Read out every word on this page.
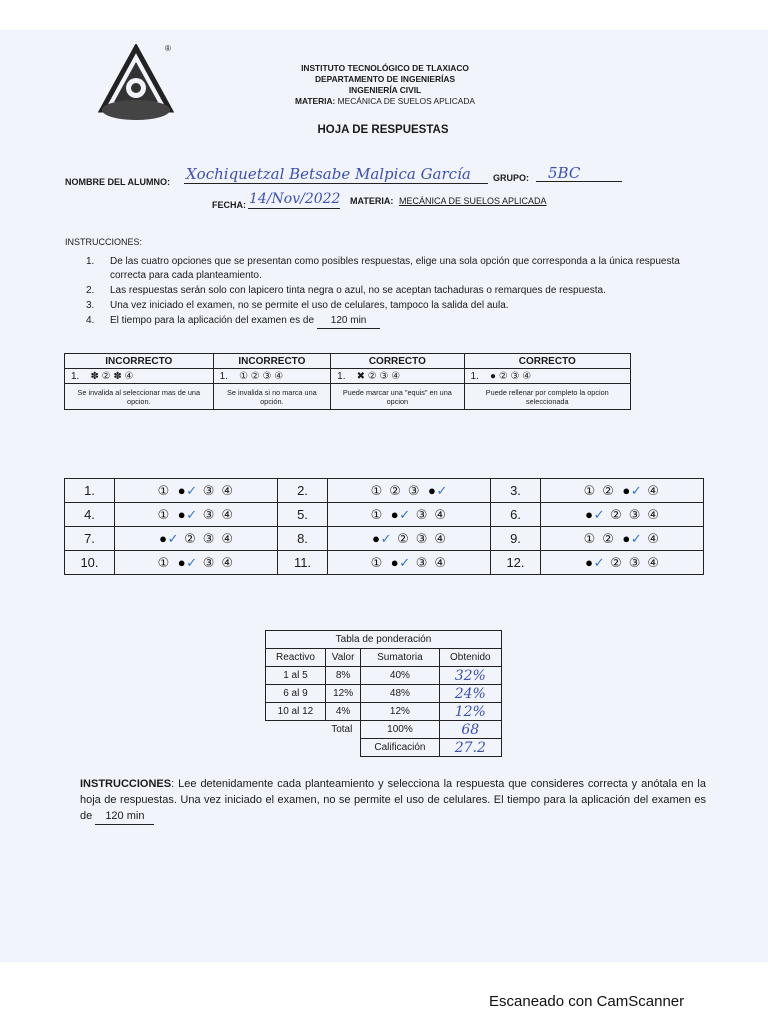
®
INSTITUTO TECNOLÓGICO DE TLAXIACO
DEPARTAMENTO DE INGENIERÍAS
INGENIERÍA CIVIL
MATERIA: MECÁNICA DE SUELOS APLICADA
HOJA DE RESPUESTAS
NOMBRE DEL ALUMNO: Xochiquetzal Betsabe Malpica García GRUPO: 5BC
FECHA: 14/Nov/2022 MATERIA: MECÁNICA DE SUELOS APLICADA
INSTRUCCIONES:
1.	De las cuatro opciones que se presentan como posibles respuestas, elige una sola opción que corresponda a la única respuesta correcta para cada planteamiento.
2.	Las respuestas serán solo con lapicero tinta negra o azul, no se aceptan tachaduras o remarques de respuesta.
3.	Una vez iniciado el examen, no se permite el uso de celulares, tampoco la salida del aula.
4.	El tiempo para la aplicación del examen es de 120 min
INCORRECTO	INCORRECTO	CORRECTO	CORRECTO
1. ✽ ② ✽ ④	1. ① ② ③ ④	1. ✖ ② ③ ④	1. ● ② ③ ④
Se invalida al seleccionar mas de una opcion.	Se invalida si no marca una opción.	Puede marcar una "equis" en una opcion	Puede rellenar por completo la opcion seleccionada
1.	① ● ✓ ③ ④	2.	① ② ③ ● ✓	3.	① ② ● ✓ ④
4.	① ● ✓ ③ ④	5.	① ● ✓ ③ ④	6.	●✓ ② ③ ④
7.	●✓ ② ③ ④	8.	●✓ ② ③ ④	9.	① ② ● ✓ ④
10.	① ● ✓ ③ ④	11.	① ● ✓ ③ ④	12.	●✓ ② ③ ④
Tabla de ponderación			
Reactivo	Valor	Sumatoria	Obtenido
1 al 5	8%	40%	32%
6 al 9	12%	48%	24%
10 al 12	4%	12%	12%
Total		100%	68
		Calificación	27.2
INSTRUCCIONES: Lee detenidamente cada planteamiento y selecciona la respuesta que consideres correcta y anótala en la hoja de respuestas. Una vez iniciado el examen, no se permite el uso de celulares. El tiempo para la aplicación del examen es de 120 min
Escaneado con CamScanner
